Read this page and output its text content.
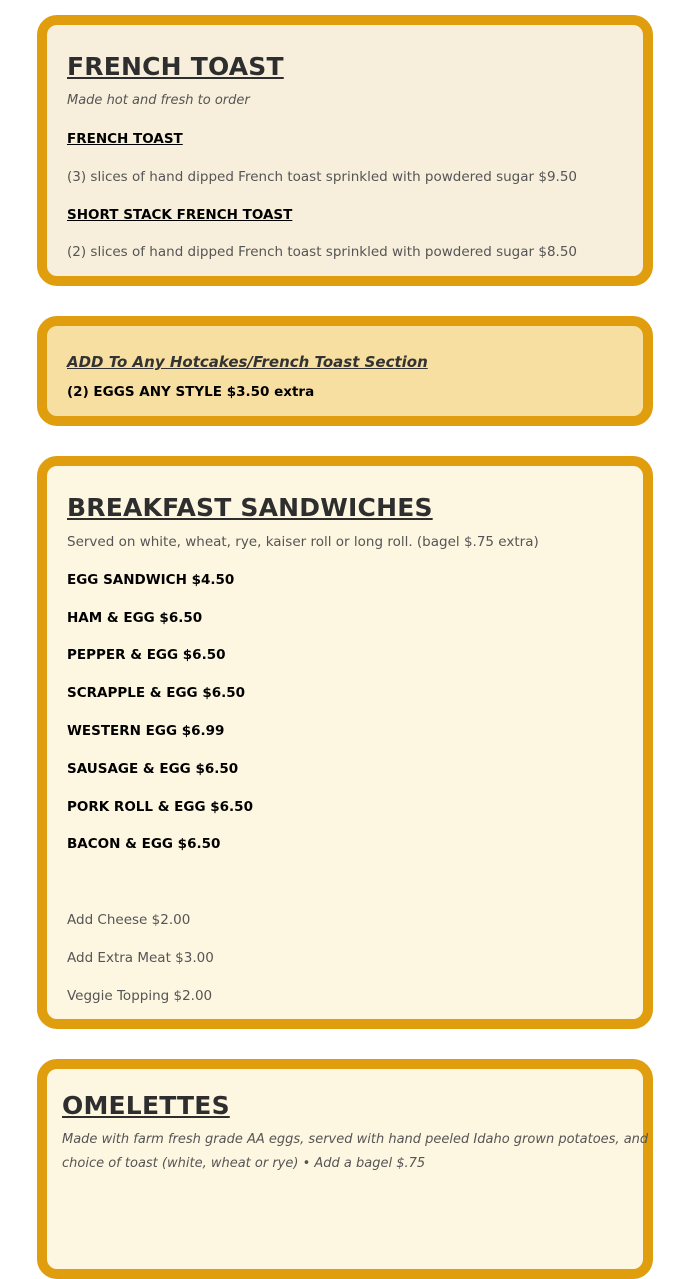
FRENCH TOAST
Made hot and fresh to order
FRENCH TOAST
(3) slices of hand dipped French toast sprinkled with powdered sugar $9.50
SHORT STACK FRENCH TOAST
(2) slices of hand dipped French toast sprinkled with powdered sugar $8.50
ADD To Any Hotcakes/French Toast Section
(2) EGGS ANY STYLE $3.50 extra
BREAKFAST SANDWICHES
Served on white, wheat, rye, kaiser roll or long roll. (bagel $.75 extra)
EGG SANDWICH $4.50
HAM & EGG $6.50
PEPPER & EGG $6.50
SCRAPPLE & EGG $6.50
WESTERN EGG $6.99
SAUSAGE & EGG $6.50
PORK ROLL & EGG $6.50
BACON & EGG $6.50
Add Cheese $2.00
Add Extra Meat $3.00
Veggie Topping $2.00
OMELETTES
Made with farm fresh grade AA eggs, served with hand peeled Idaho grown potatoes, and
choice of toast (white, wheat or rye) • Add a bagel $.75
